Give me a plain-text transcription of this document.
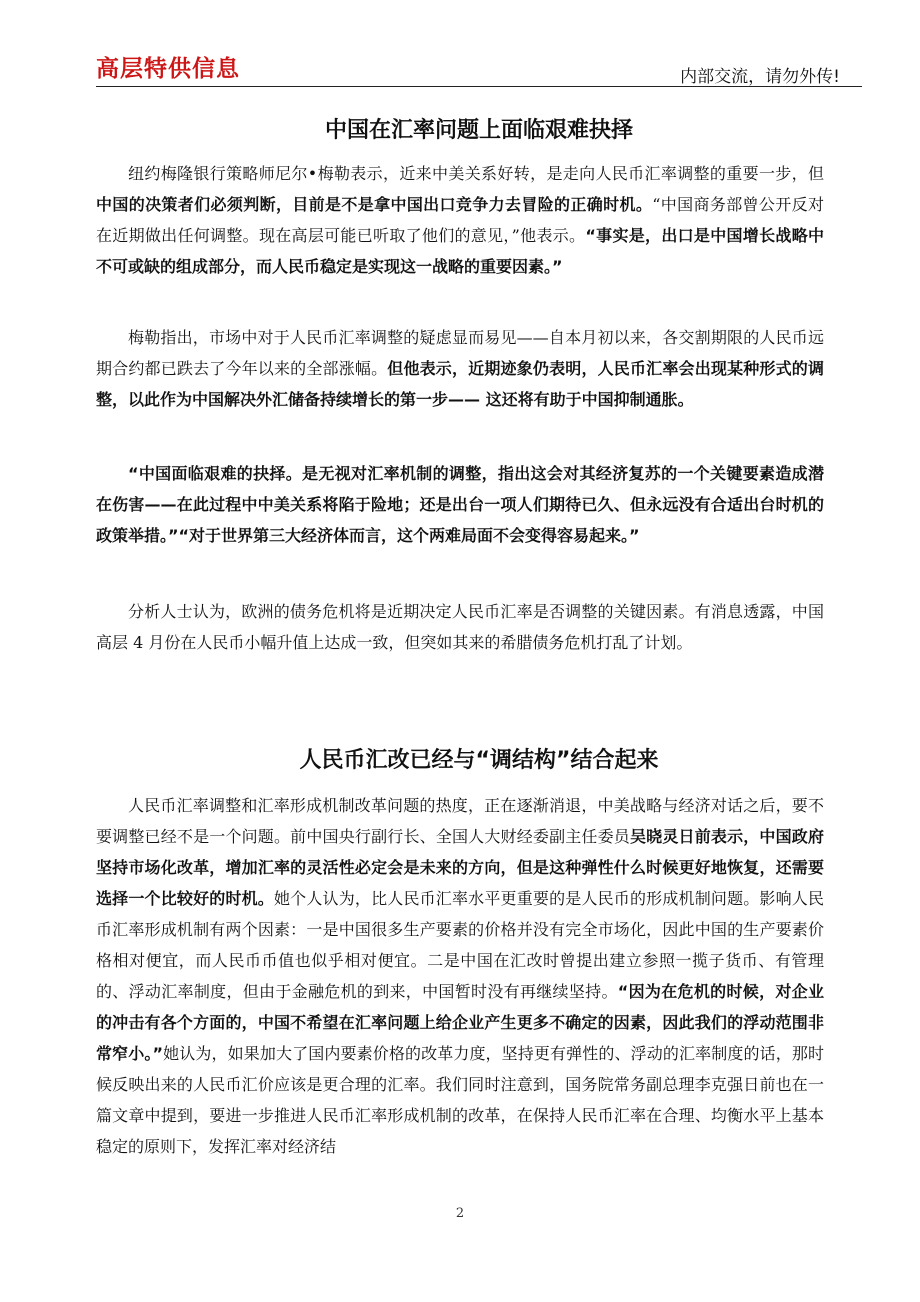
高层特供信息	内部交流，请勿外传!
中国在汇率问题上面临艰难抉择

纽约梅隆银行策略师尼尔•梅勒表示，近来中美关系好转，是走向人民币汇率调整的重要一步，但中国的决策者们必须判断，目前是不是拿中国出口竞争力去冒险的正确时机。“中国商务部曾公开反对在近期做出任何调整。现在高层可能已听取了他们的意见，”他表示。“事实是，出口是中国增长战略中不可或缺的组成部分，而人民币稳定是实现这一战略的重要因素。”

梅勒指出，市场中对于人民币汇率调整的疑虑显而易见——自本月初以来，各交割期限的人民币远期合约都已跌去了今年以来的全部涨幅。但他表示，近期迹象仍表明，人民币汇率会出现某种形式的调整，以此作为中国解决外汇储备持续增长的第一步—— 这还将有助于中国抑制通胀。

“中国面临艰难的抉择。是无视对汇率机制的调整，指出这会对其经济复苏的一个关键要素造成潜在伤害——在此过程中中美关系将陷于险地；还是出台一项人们期待已久、但永远没有合适出台时机的政策举措。”“对于世界第三大经济体而言，这个两难局面不会变得容易起来。”

分析人士认为，欧洲的债务危机将是近期决定人民币汇率是否调整的关键因素。有消息透露，中国高层 4 月份在人民币小幅升值上达成一致，但突如其来的希腊债务危机打乱了计划。

人民币汇改已经与“调结构”结合起来

人民币汇率调整和汇率形成机制改革问题的热度，正在逐渐消退，中美战略与经济对话之后，要不要调整已经不是一个问题。前中国央行副行长、全国人大财经委副主任委员吴晓灵日前表示，中国政府坚持市场化改革，增加汇率的灵活性必定会是未来的方向，但是这种弹性什么时候更好地恢复，还需要选择一个比较好的时机。她个人认为，比人民币汇率水平更重要的是人民币的形成机制问题。影响人民币汇率形成机制有两个因素：一是中国很多生产要素的价格并没有完全市场化，因此中国的生产要素价格相对便宜，而人民币币值也似乎相对便宜。二是中国在汇改时曾提出建立参照一揽子货币、有管理的、浮动汇率制度，但由于金融危机的到来，中国暂时没有再继续坚持。“因为在危机的时候，对企业的冲击有各个方面的，中国不希望在汇率问题上给企业产生更多不确定的因素，因此我们的浮动范围非常窄小。”她认为，如果加大了国内要素价格的改革力度，坚持更有弹性的、浮动的汇率制度的话，那时候反映出来的人民币汇价应该是更合理的汇率。我们同时注意到，国务院常务副总理李克强日前也在一篇文章中提到，要进一步推进人民币汇率形成机制的改革，在保持人民币汇率在合理、均衡水平上基本稳定的原则下，发挥汇率对经济结

2
